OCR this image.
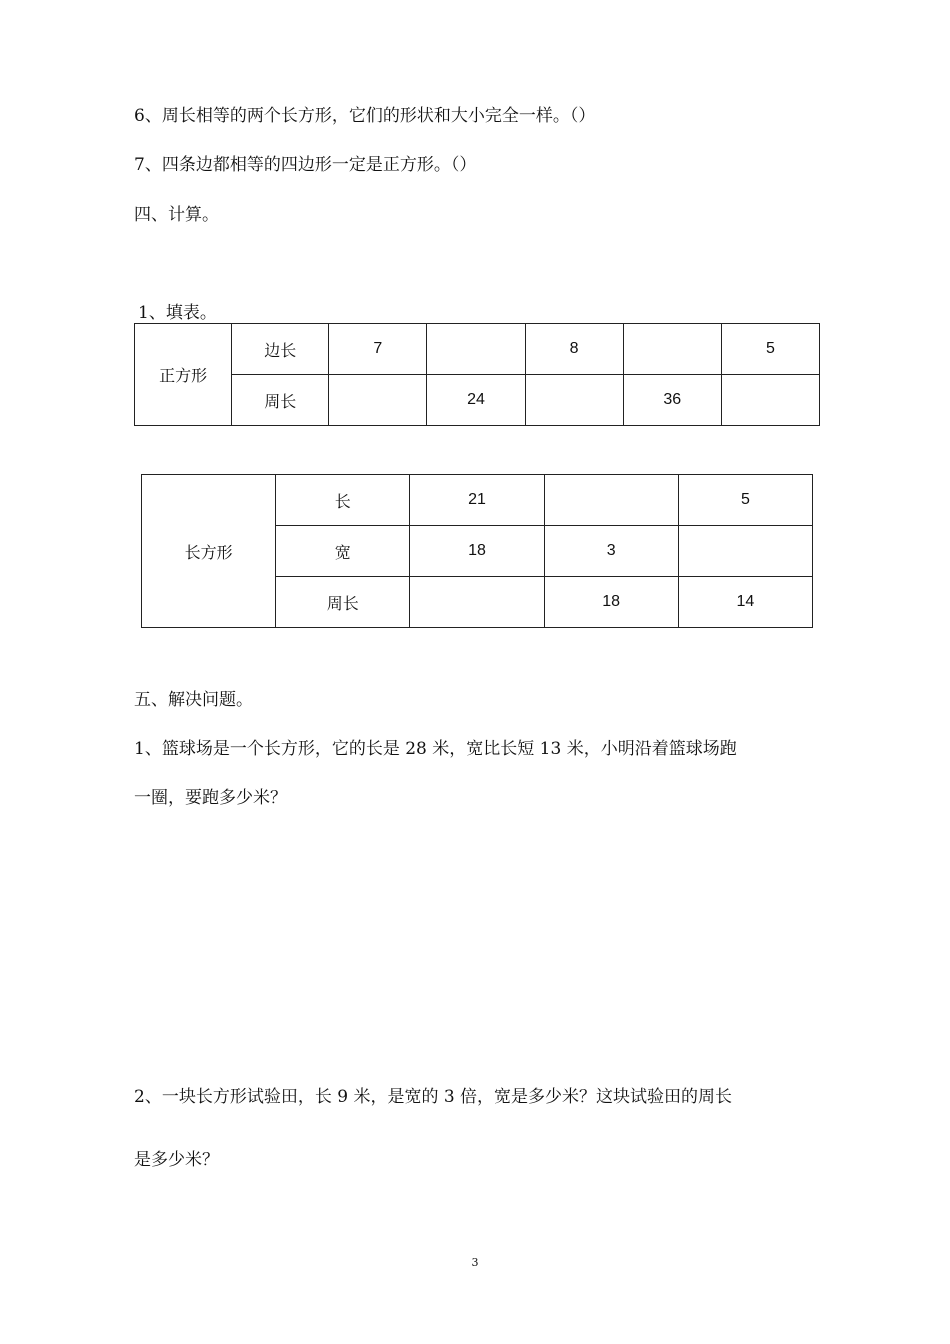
6、周长相等的两个长方形，它们的形状和大小完全一样。（）
7、四条边都相等的四边形一定是正方形。（）
四、计算。
1、填表。
正方形	边长	7		8		5
	周长		24		36	
长方形	长	21		5
	宽	18	3	
	周长		18	14
五、解决问题。
1、篮球场是一个长方形，它的长是 28 米，宽比长短 13 米，小明沿着篮球场跑
一圈，要跑多少米？
2、一块长方形试验田，长 9 米，是宽的 3 倍，宽是多少米？这块试验田的周长
是多少米？
3
